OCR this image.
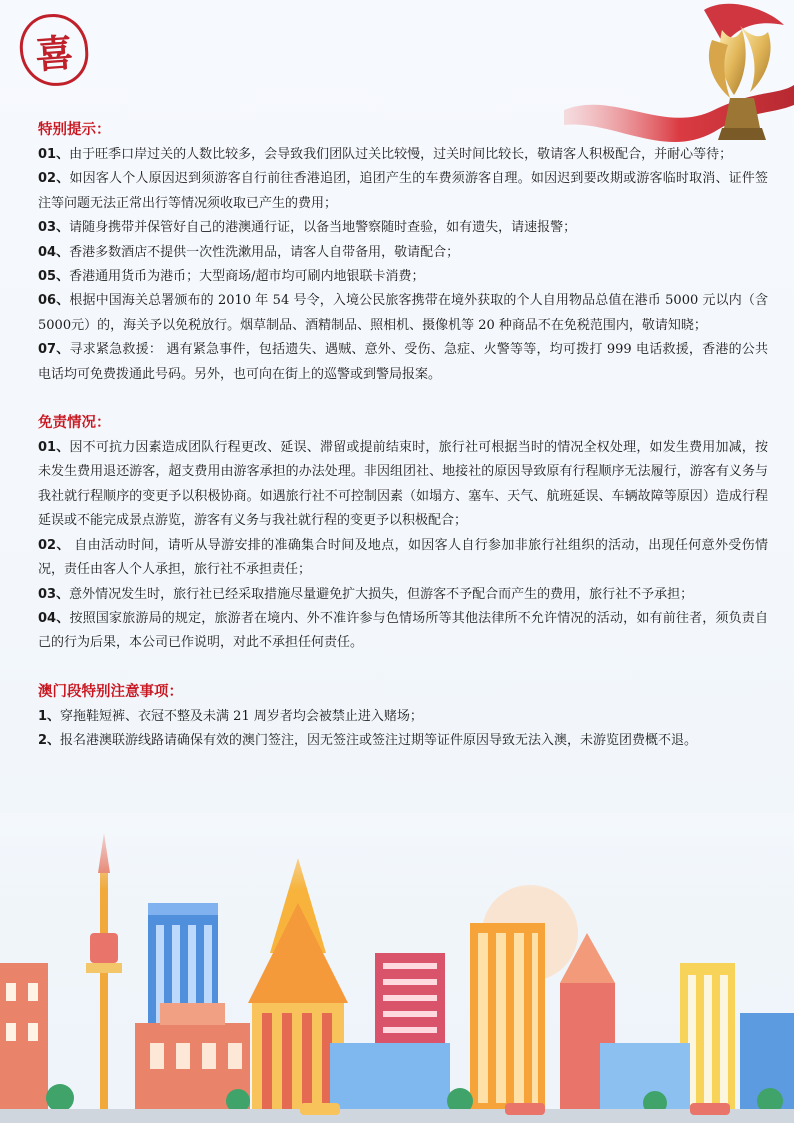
喜
特别提示：

01、由于旺季口岸过关的人数比较多，会导致我们团队过关比较慢，过关时间比较长，敬请客人积极配合，并耐心等待；

02、如因客人个人原因迟到须游客自行前往香港追团，追团产生的车费须游客自理。如因迟到要改期或游客临时取消、证件签注等问题无法正常出行等情况须收取已产生的费用；

03、请随身携带并保管好自己的港澳通行证，以备当地警察随时查验，如有遗失，请速报警；

04、香港多数酒店不提供一次性洗漱用品，请客人自带备用，敬请配合；

05、香港通用货币为港币；大型商场/超市均可刷内地银联卡消费；

06、根据中国海关总署颁布的 2010 年 54 号令，入境公民旅客携带在境外获取的个人自用物品总值在港币 5000 元以内（含 5000元）的，海关予以免税放行。烟草制品、酒精制品、照相机、摄像机等 20 种商品不在免税范围内，敬请知晓；

07、寻求紧急救援： 遇有紧急事件，包括遗失、遇贼、意外、受伤、急症、火警等等，均可拨打 999 电话救援，香港的公共电话均可免费拨通此号码。另外，也可向在街上的巡警或到警局报案。

免责情况：

01、因不可抗力因素造成团队行程更改、延误、滞留或提前结束时，旅行社可根据当时的情况全权处理，如发生费用加减，按未发生费用退还游客，超支费用由游客承担的办法处理。非因组团社、地接社的原因导致原有行程顺序无法履行，游客有义务与我社就行程顺序的变更予以积极协商。如遇旅行社不可控制因素（如塌方、塞车、天气、航班延误、车辆故障等原因）造成行程延误或不能完成景点游览，游客有义务与我社就行程的变更予以积极配合；

02、 自由活动时间，请听从导游安排的准确集合时间及地点，如因客人自行参加非旅行社组织的活动，出现任何意外受伤情况，责任由客人个人承担，旅行社不承担责任；

03、意外情况发生时，旅行社已经采取措施尽量避免扩大损失，但游客不予配合而产生的费用，旅行社不予承担；

04、按照国家旅游局的规定，旅游者在境内、外不准许参与色情场所等其他法律所不允许情况的活动，如有前往者，须负责自己的行为后果，本公司已作说明，对此不承担任何责任。

澳门段特别注意事项：

1、穿拖鞋短裤、衣冠不整及未满 21 周岁者均会被禁止进入赌场；

2、报名港澳联游线路请确保有效的澳门签注，因无签注或签注过期等证件原因导致无法入澳，未游览团费概不退。
